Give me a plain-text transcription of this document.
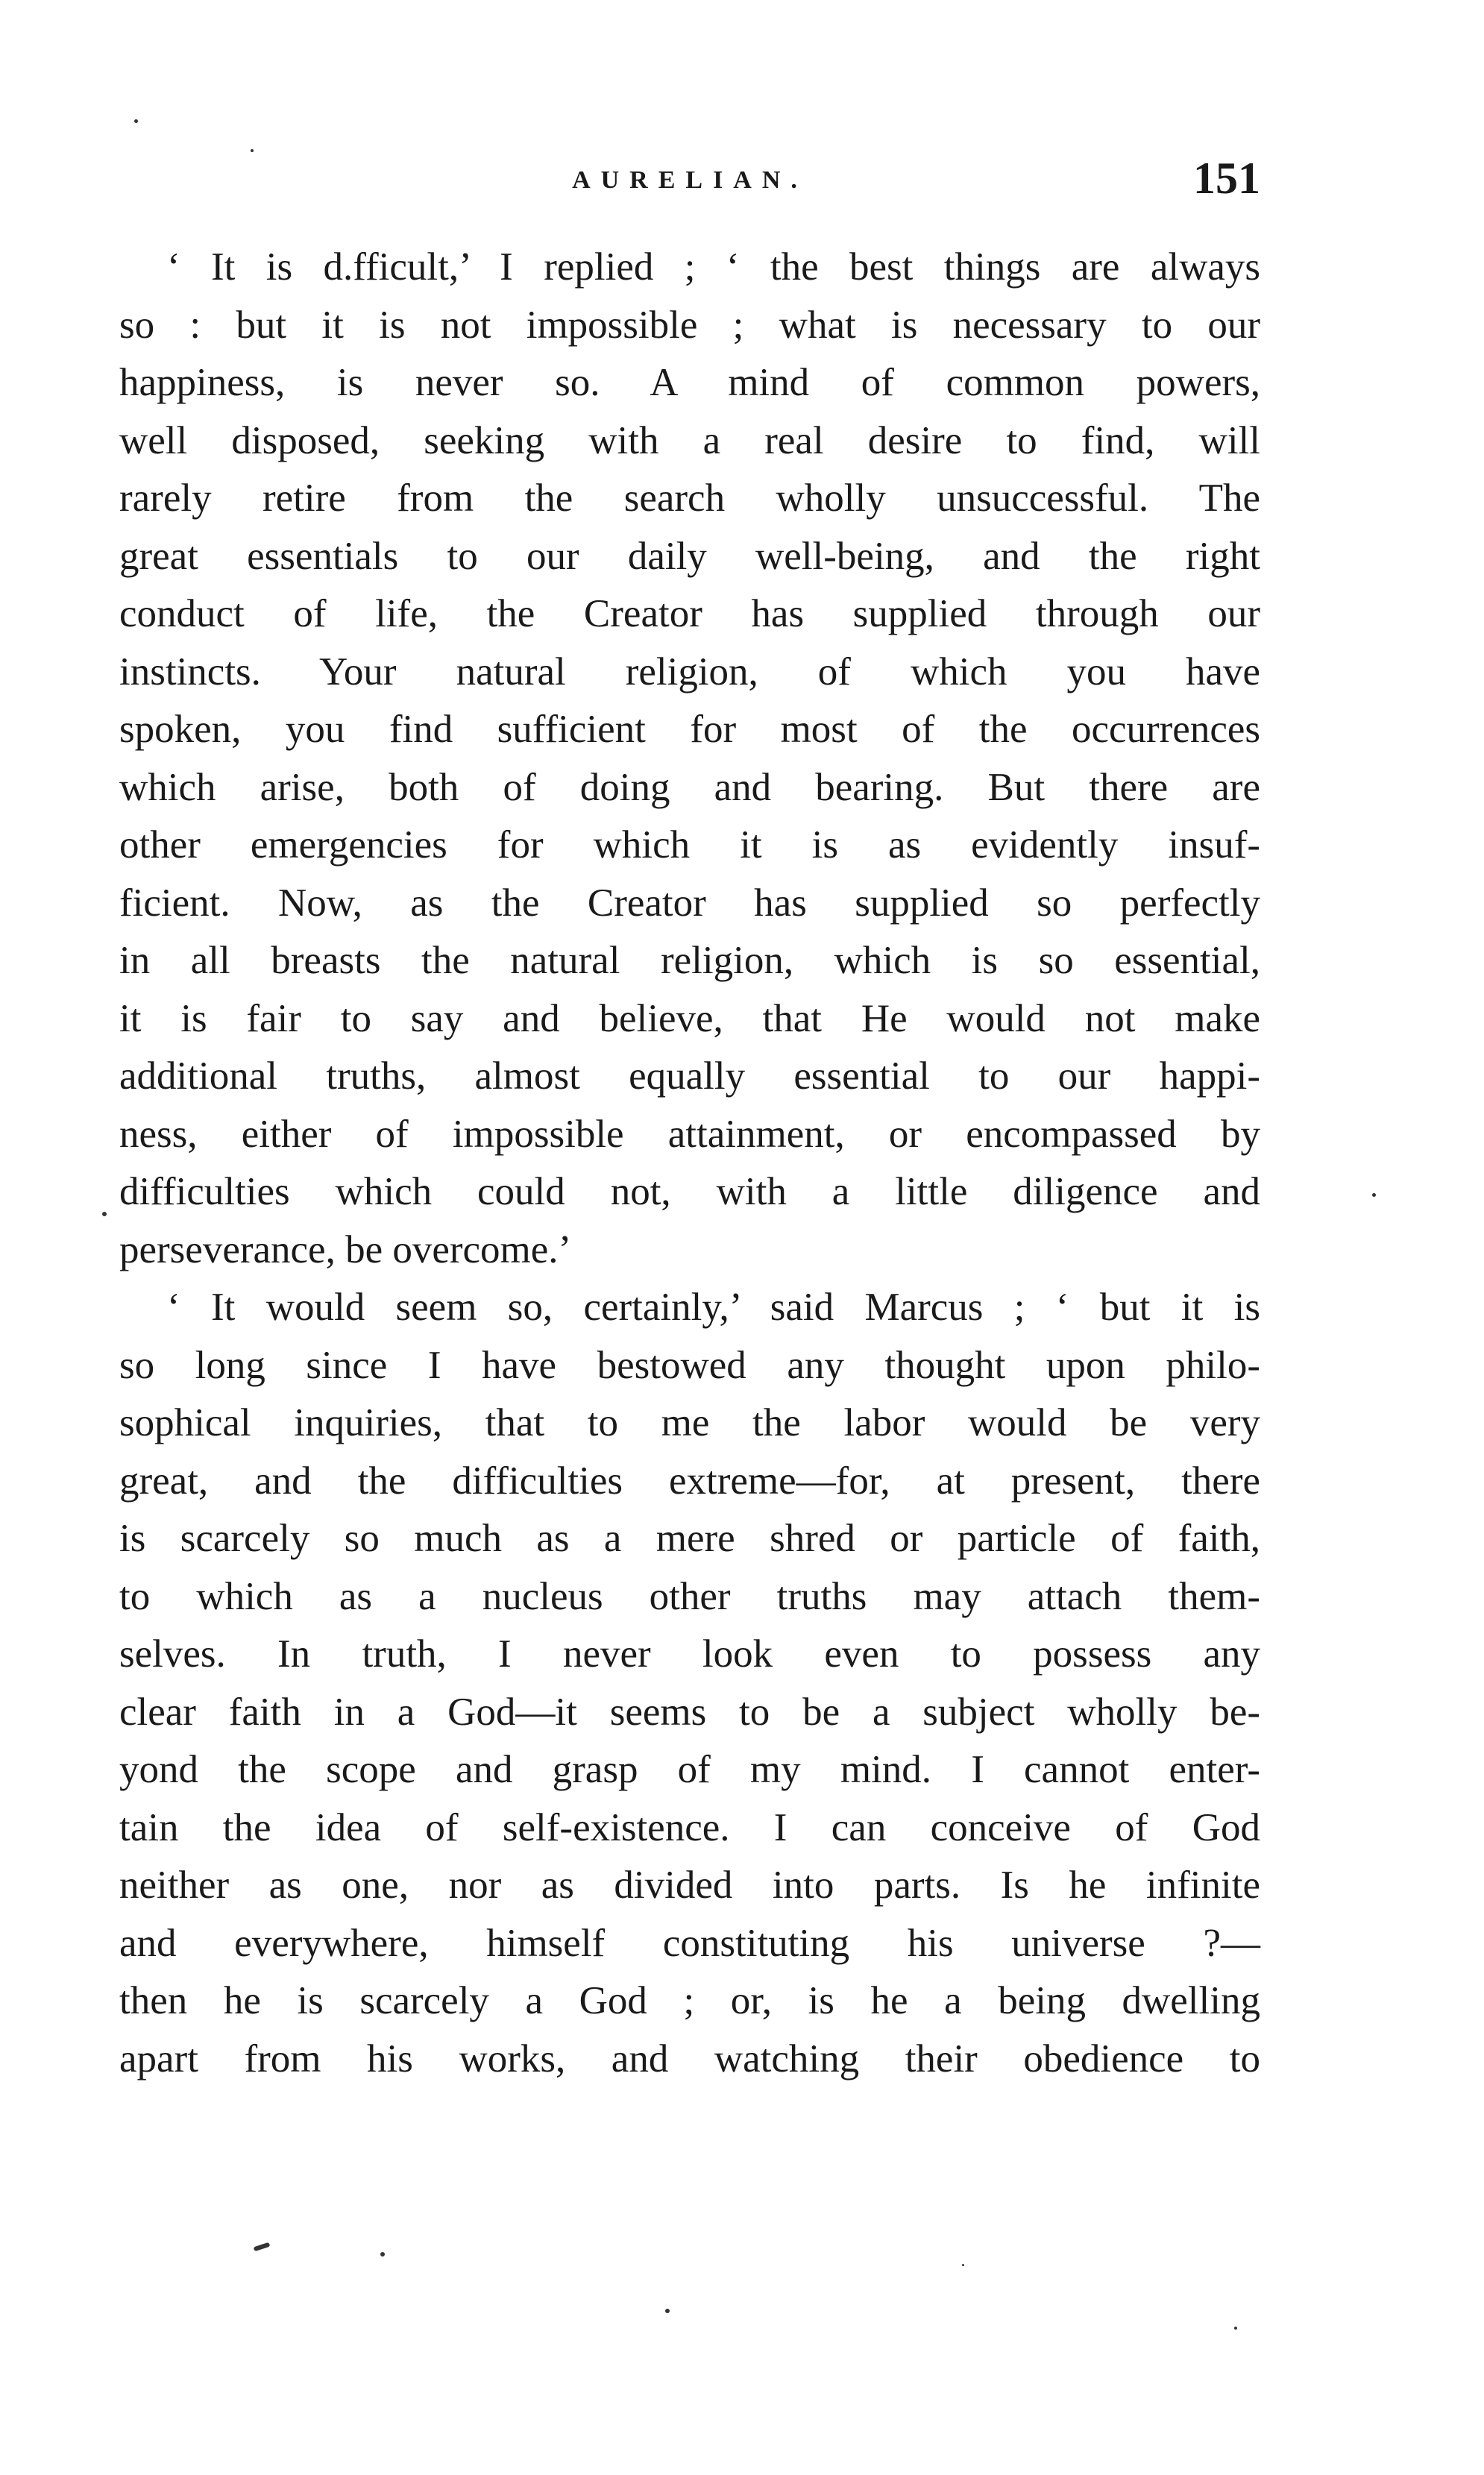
AURELIAN.	151
‘ It is d.fficult,’ I replied ; ‘ the best things are always
so : but it is not impossible ; what is necessary to our
happiness, is never so. A mind of common powers,
well disposed, seeking with a real desire to find, will
rarely retire from the search wholly unsuccessful. The
great essentials to our daily well-being, and the right
conduct of life, the Creator has supplied through our
instincts. Your natural religion, of which you have
spoken, you find sufficient for most of the occurrences
which arise, both of doing and bearing. But there are
other emergencies for which it is as evidently insuf-
ficient. Now, as the Creator has supplied so perfectly
in all breasts the natural religion, which is so essential,
it is fair to say and believe, that He would not make
additional truths, almost equally essential to our happi-
ness, either of impossible attainment, or encompassed by
difficulties which could not, with a little diligence and
perseverance, be overcome.’
‘ It would seem so, certainly,’ said Marcus ; ‘ but it is
so long since I have bestowed any thought upon philo-
sophical inquiries, that to me the labor would be very
great, and the difficulties extreme—for, at present, there
is scarcely so much as a mere shred or particle of faith,
to which as a nucleus other truths may attach them-
selves. In truth, I never look even to possess any
clear faith in a God—it seems to be a subject wholly be-
yond the scope and grasp of my mind. I cannot enter-
tain the idea of self-existence. I can conceive of God
neither as one, nor as divided into parts. Is he infinite
and everywhere, himself constituting his universe ?—
then he is scarcely a God ; or, is he a being dwelling
apart from his works, and watching their obedience to
